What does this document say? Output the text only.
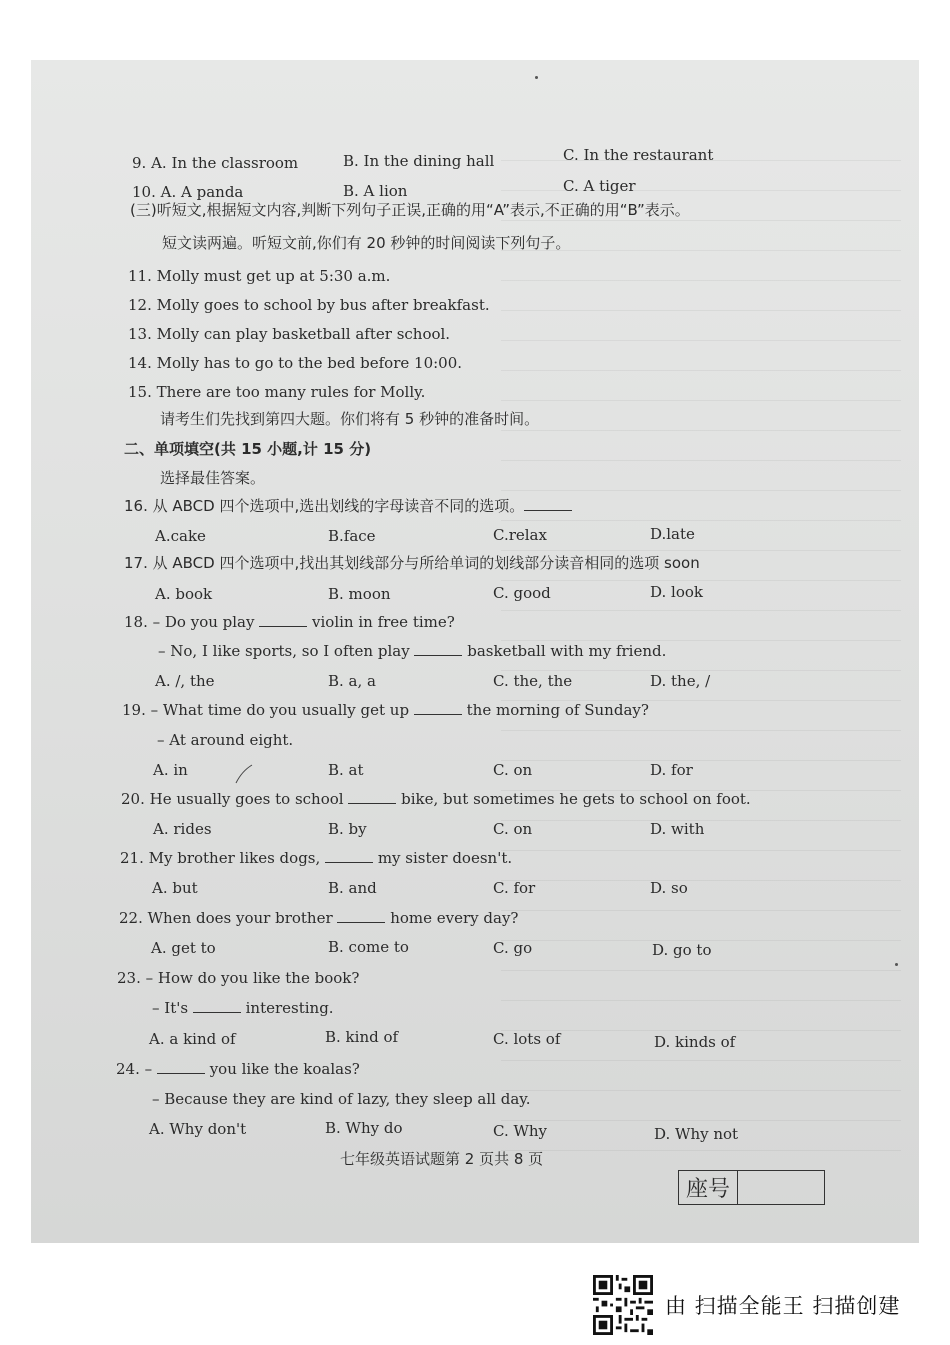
9. A. In the classroom	B. In the dining hall	C. In the restaurant
10. A. A panda	B. A lion	C. A tiger
(三)听短文,根据短文内容,判断下列句子正误,正确的用“A”表示,不正确的用“B”表示。
短文读两遍。听短文前,你们有 20 秒钟的时间阅读下列句子。
11. Molly must get up at 5:30 a.m.
12. Molly goes to school by bus after breakfast.
13. Molly can play basketball after school.
14. Molly has to go to the bed before 10:00.
15. There are too many rules for Molly.
请考生们先找到第四大题。你们将有 5 秒钟的准备时间。
二、单项填空(共 15 小题,计 15 分)
选择最佳答案。
16. 从 ABCD 四个选项中,选出划线的字母读音不同的选项。
A.cake	B.face	C.relax	D.late
17. 从 ABCD 四个选项中,找出其划线部分与所给单词的划线部分读音相同的选项 soon
A. book	B. moon	C. good	D. look
18. – Do you play	violin in free time?
– No, I like sports, so I often play	basketball with my friend.
A. /, the	B. a, a	C. the, the	D. the, /
19. – What time do you usually get up	the morning of Sunday?
– At around eight.
A. in	B. at	C. on	D. for
20. He usually goes to school	bike, but sometimes he gets to school on foot.
A. rides	B. by	C. on	D. with
21. My brother likes dogs,	my sister doesn't.
A. but	B. and	C. for	D. so
22. When does your brother	home every day?
A. get to	B. come to	C. go	D. go to
23. – How do you like the book?
– It's	interesting.
A. a kind of	B. kind of	C. lots of	D. kinds of
24. –	you like the koalas?
– Because they are kind of lazy, they sleep all day.
A. Why don't	B. Why do	C. Why	D. Why not
七年级英语试题第 2 页共 8 页
座号
由 扫描全能王 扫描创建
